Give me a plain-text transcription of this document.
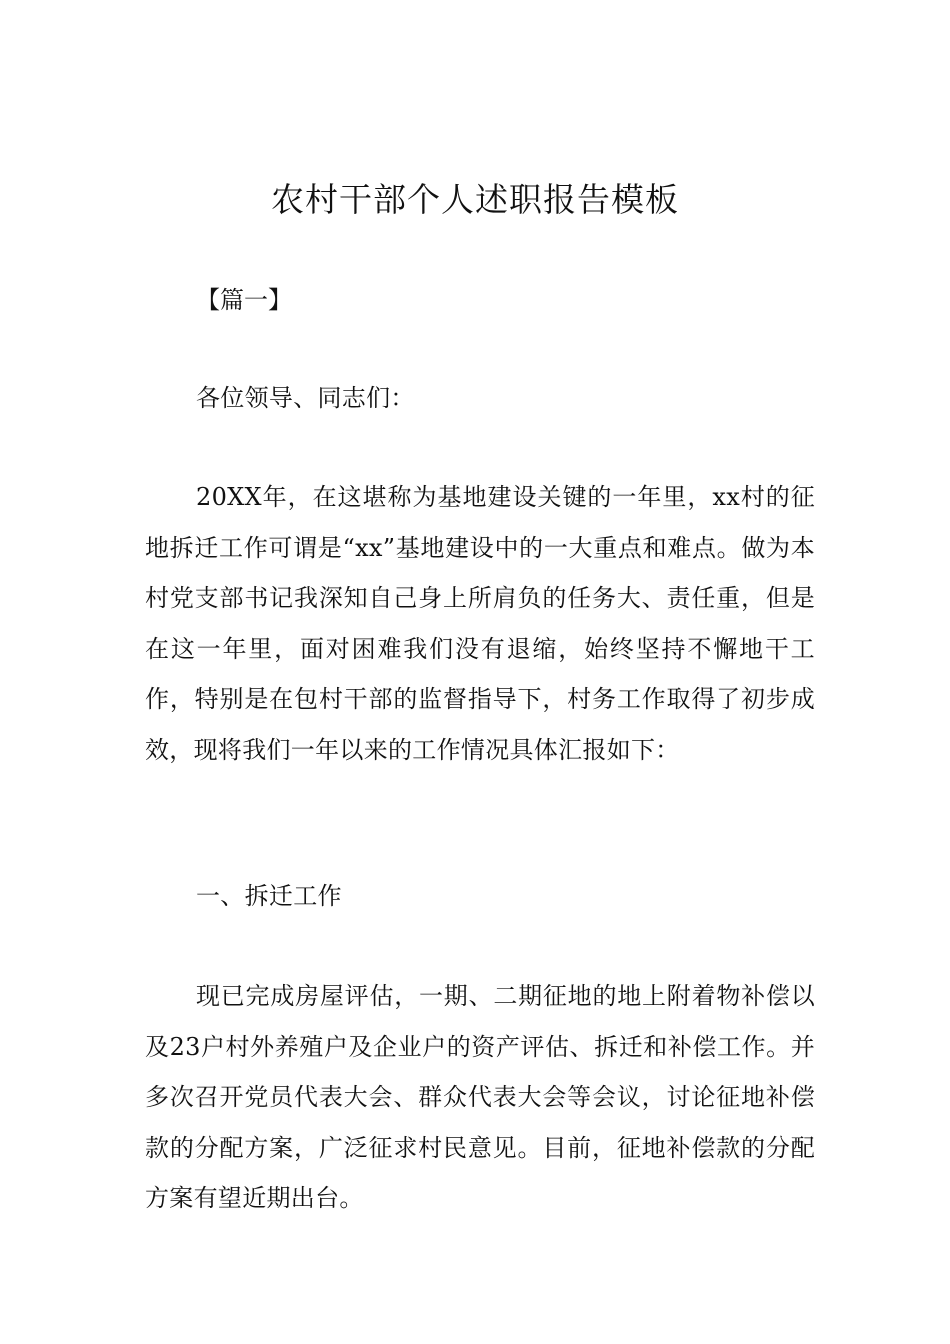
农村干部个人述职报告模板

【篇一】

各位领导、同志们：

20XX年，在这堪称为基地建设关键的一年里，xx村的征地拆迁工作可谓是“xx”基地建设中的一大重点和难点。做为本村党支部书记我深知自己身上所肩负的任务大、责任重，但是在这一年里，面对困难我们没有退缩，始终坚持不懈地干工作，特别是在包村干部的监督指导下，村务工作取得了初步成效，现将我们一年以来的工作情况具体汇报如下：

一、拆迁工作

现已完成房屋评估，一期、二期征地的地上附着物补偿以及23户村外养殖户及企业户的资产评估、拆迁和补偿工作。并多次召开党员代表大会、群众代表大会等会议，讨论征地补偿款的分配方案，广泛征求村民意见。目前，征地补偿款的分配方案有望近期出台。
